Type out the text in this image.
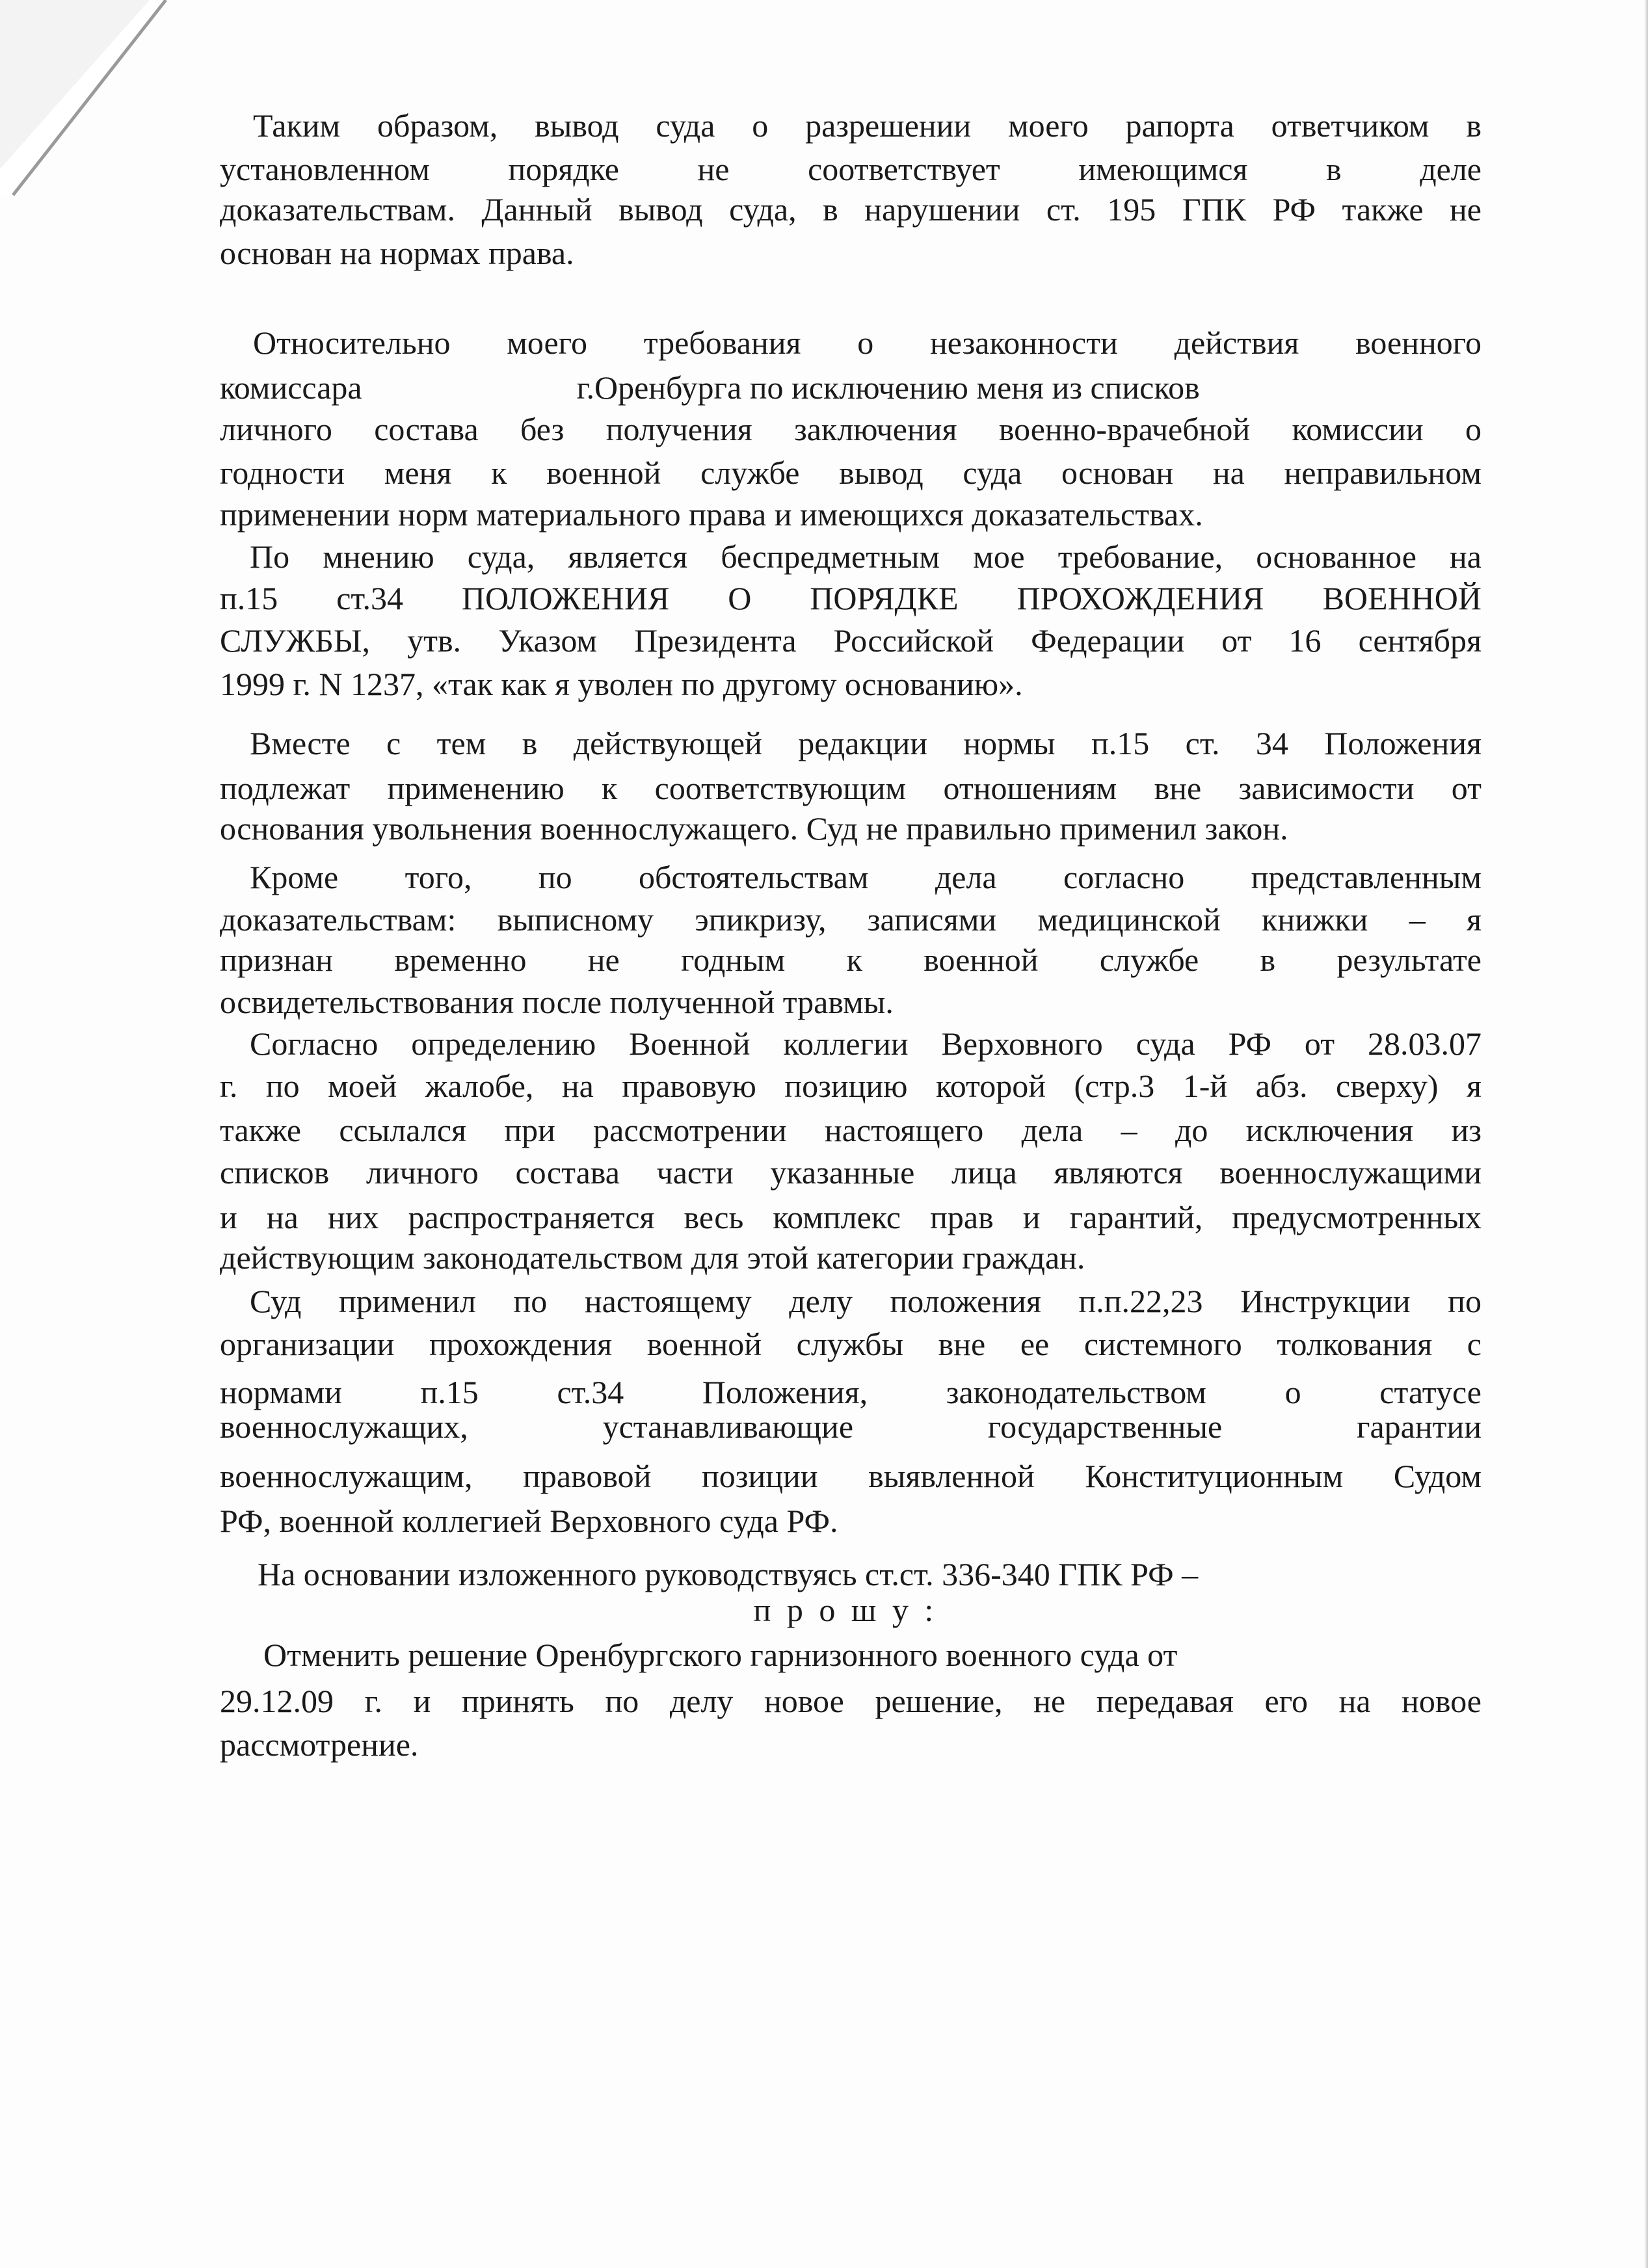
Таким образом, вывод суда о разрешении моего рапорта ответчиком в
установленном порядке не соответствует имеющимся в деле
доказательствам. Данный вывод суда, в нарушении ст. 195 ГПК РФ также не
основан на нормах права.
Относительно моего требования о незаконности действия военного
комиссара	г.Оренбурга по исключению меня из списков
личного состава без получения заключения военно-врачебной комиссии о
годности меня к военной службе вывод суда основан на неправильном
применении норм материального права и имеющихся доказательствах.
По мнению суда, является беспредметным мое требование, основанное на
п.15 ст.34 ПОЛОЖЕНИЯ О ПОРЯДКЕ ПРОХОЖДЕНИЯ ВОЕННОЙ
СЛУЖБЫ, утв. Указом Президента Российской Федерации от 16 сентября
1999 г. N 1237, «так как я уволен по другому основанию».
Вместе с тем в действующей редакции нормы п.15 ст. 34 Положения
подлежат применению к соответствующим отношениям вне зависимости от
основания увольнения военнослужащего. Суд не правильно применил закон.
Кроме того, по обстоятельствам дела согласно представленным
доказательствам: выписному эпикризу, записями медицинской книжки – я
признан временно не годным к военной службе в результате
освидетельствования после полученной травмы.
Согласно определению Военной коллегии Верховного суда РФ от 28.03.07
г. по моей жалобе, на правовую позицию которой (стр.3 1-й абз. сверху) я
также ссылался при рассмотрении настоящего дела – до исключения из
списков личного состава части указанные лица являются военнослужащими
и на них распространяется весь комплекс прав и гарантий, предусмотренных
действующим законодательством для этой категории граждан.
Суд применил по настоящему делу положения п.п.22,23 Инструкции по
организации прохождения военной службы вне ее системного толкования с
нормами п.15 ст.34 Положения, законодательством о статусе
военнослужащих, устанавливающие государственные гарантии
военнослужащим, правовой позиции выявленной Конституционным Судом
РФ, военной коллегией Верховного суда РФ.
На основании изложенного руководствуясь ст.ст. 336-340 ГПК РФ –
п р о ш у :
Отменить решение Оренбургского гарнизонного военного суда от
29.12.09 г. и принять по делу новое решение, не передавая его на новое
рассмотрение.
